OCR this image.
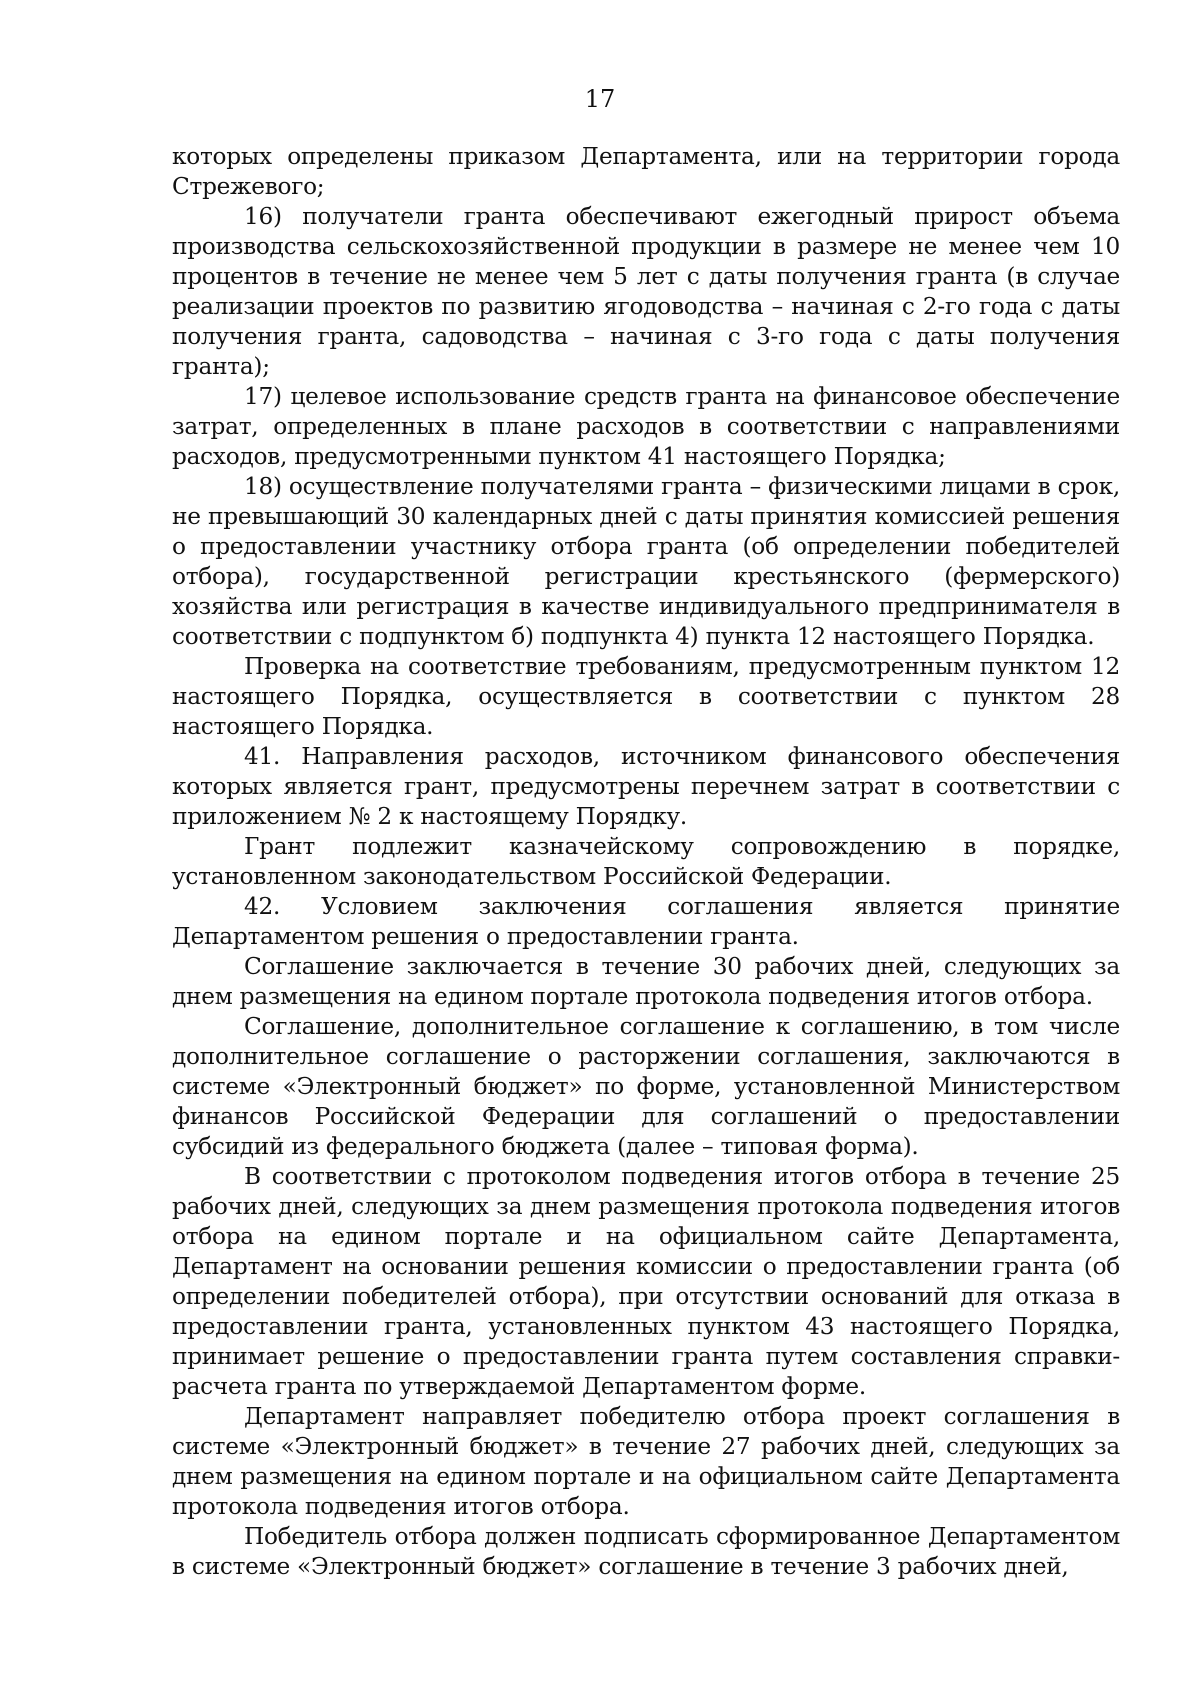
17

которых определены приказом Департамента, или на территории города Стрежевого;

16) получатели гранта обеспечивают ежегодный прирост объема производства сельскохозяйственной продукции в размере не менее чем 10 процентов в течение не менее чем 5 лет с даты получения гранта (в случае реализации проектов по развитию ягодоводства – начиная с 2-го года с даты получения гранта, садоводства – начиная с 3-го года с даты получения гранта);

17) целевое использование средств гранта на финансовое обеспечение затрат, определенных в плане расходов в соответствии с направлениями расходов, предусмотренными пунктом 41 настоящего Порядка;

18) осуществление получателями гранта – физическими лицами в срок, не превышающий 30 календарных дней с даты принятия комиссией решения о предоставлении участнику отбора гранта (об определении победителей отбора), государственной регистрации крестьянского (фермерского) хозяйства или регистрация в качестве индивидуального предпринимателя в соответствии с подпунктом б) подпункта 4) пункта 12 настоящего Порядка.

Проверка на соответствие требованиям, предусмотренным пунктом 12 настоящего Порядка, осуществляется в соответствии с пунктом 28 настоящего Порядка.

41. Направления расходов, источником финансового обеспечения которых является грант, предусмотрены перечнем затрат в соответствии с приложением № 2 к настоящему Порядку.

Грант подлежит казначейскому сопровождению в порядке, установленном законодательством Российской Федерации.

42. Условием заключения соглашения является принятие Департаментом решения о предоставлении гранта.

Соглашение заключается в течение 30 рабочих дней, следующих за днем размещения на едином портале протокола подведения итогов отбора.

Соглашение, дополнительное соглашение к соглашению, в том числе дополнительное соглашение о расторжении соглашения, заключаются в системе «Электронный бюджет» по форме, установленной Министерством финансов Российской Федерации для соглашений о предоставлении субсидий из федерального бюджета (далее – типовая форма).

В соответствии с протоколом подведения итогов отбора в течение 25 рабочих дней, следующих за днем размещения протокола подведения итогов отбора на едином портале и на официальном сайте Департамента, Департамент на основании решения комиссии о предоставлении гранта (об определении победителей отбора), при отсутствии оснований для отказа в предоставлении гранта, установленных пунктом 43 настоящего Порядка, принимает решение о предоставлении гранта путем составления справки-расчета гранта по утверждаемой Департаментом форме.

Департамент направляет победителю отбора проект соглашения в системе «Электронный бюджет» в течение 27 рабочих дней, следующих за днем размещения на едином портале и на официальном сайте Департамента протокола подведения итогов отбора.

Победитель отбора должен подписать сформированное Департаментом в системе «Электронный бюджет» соглашение в течение 3 рабочих дней,
